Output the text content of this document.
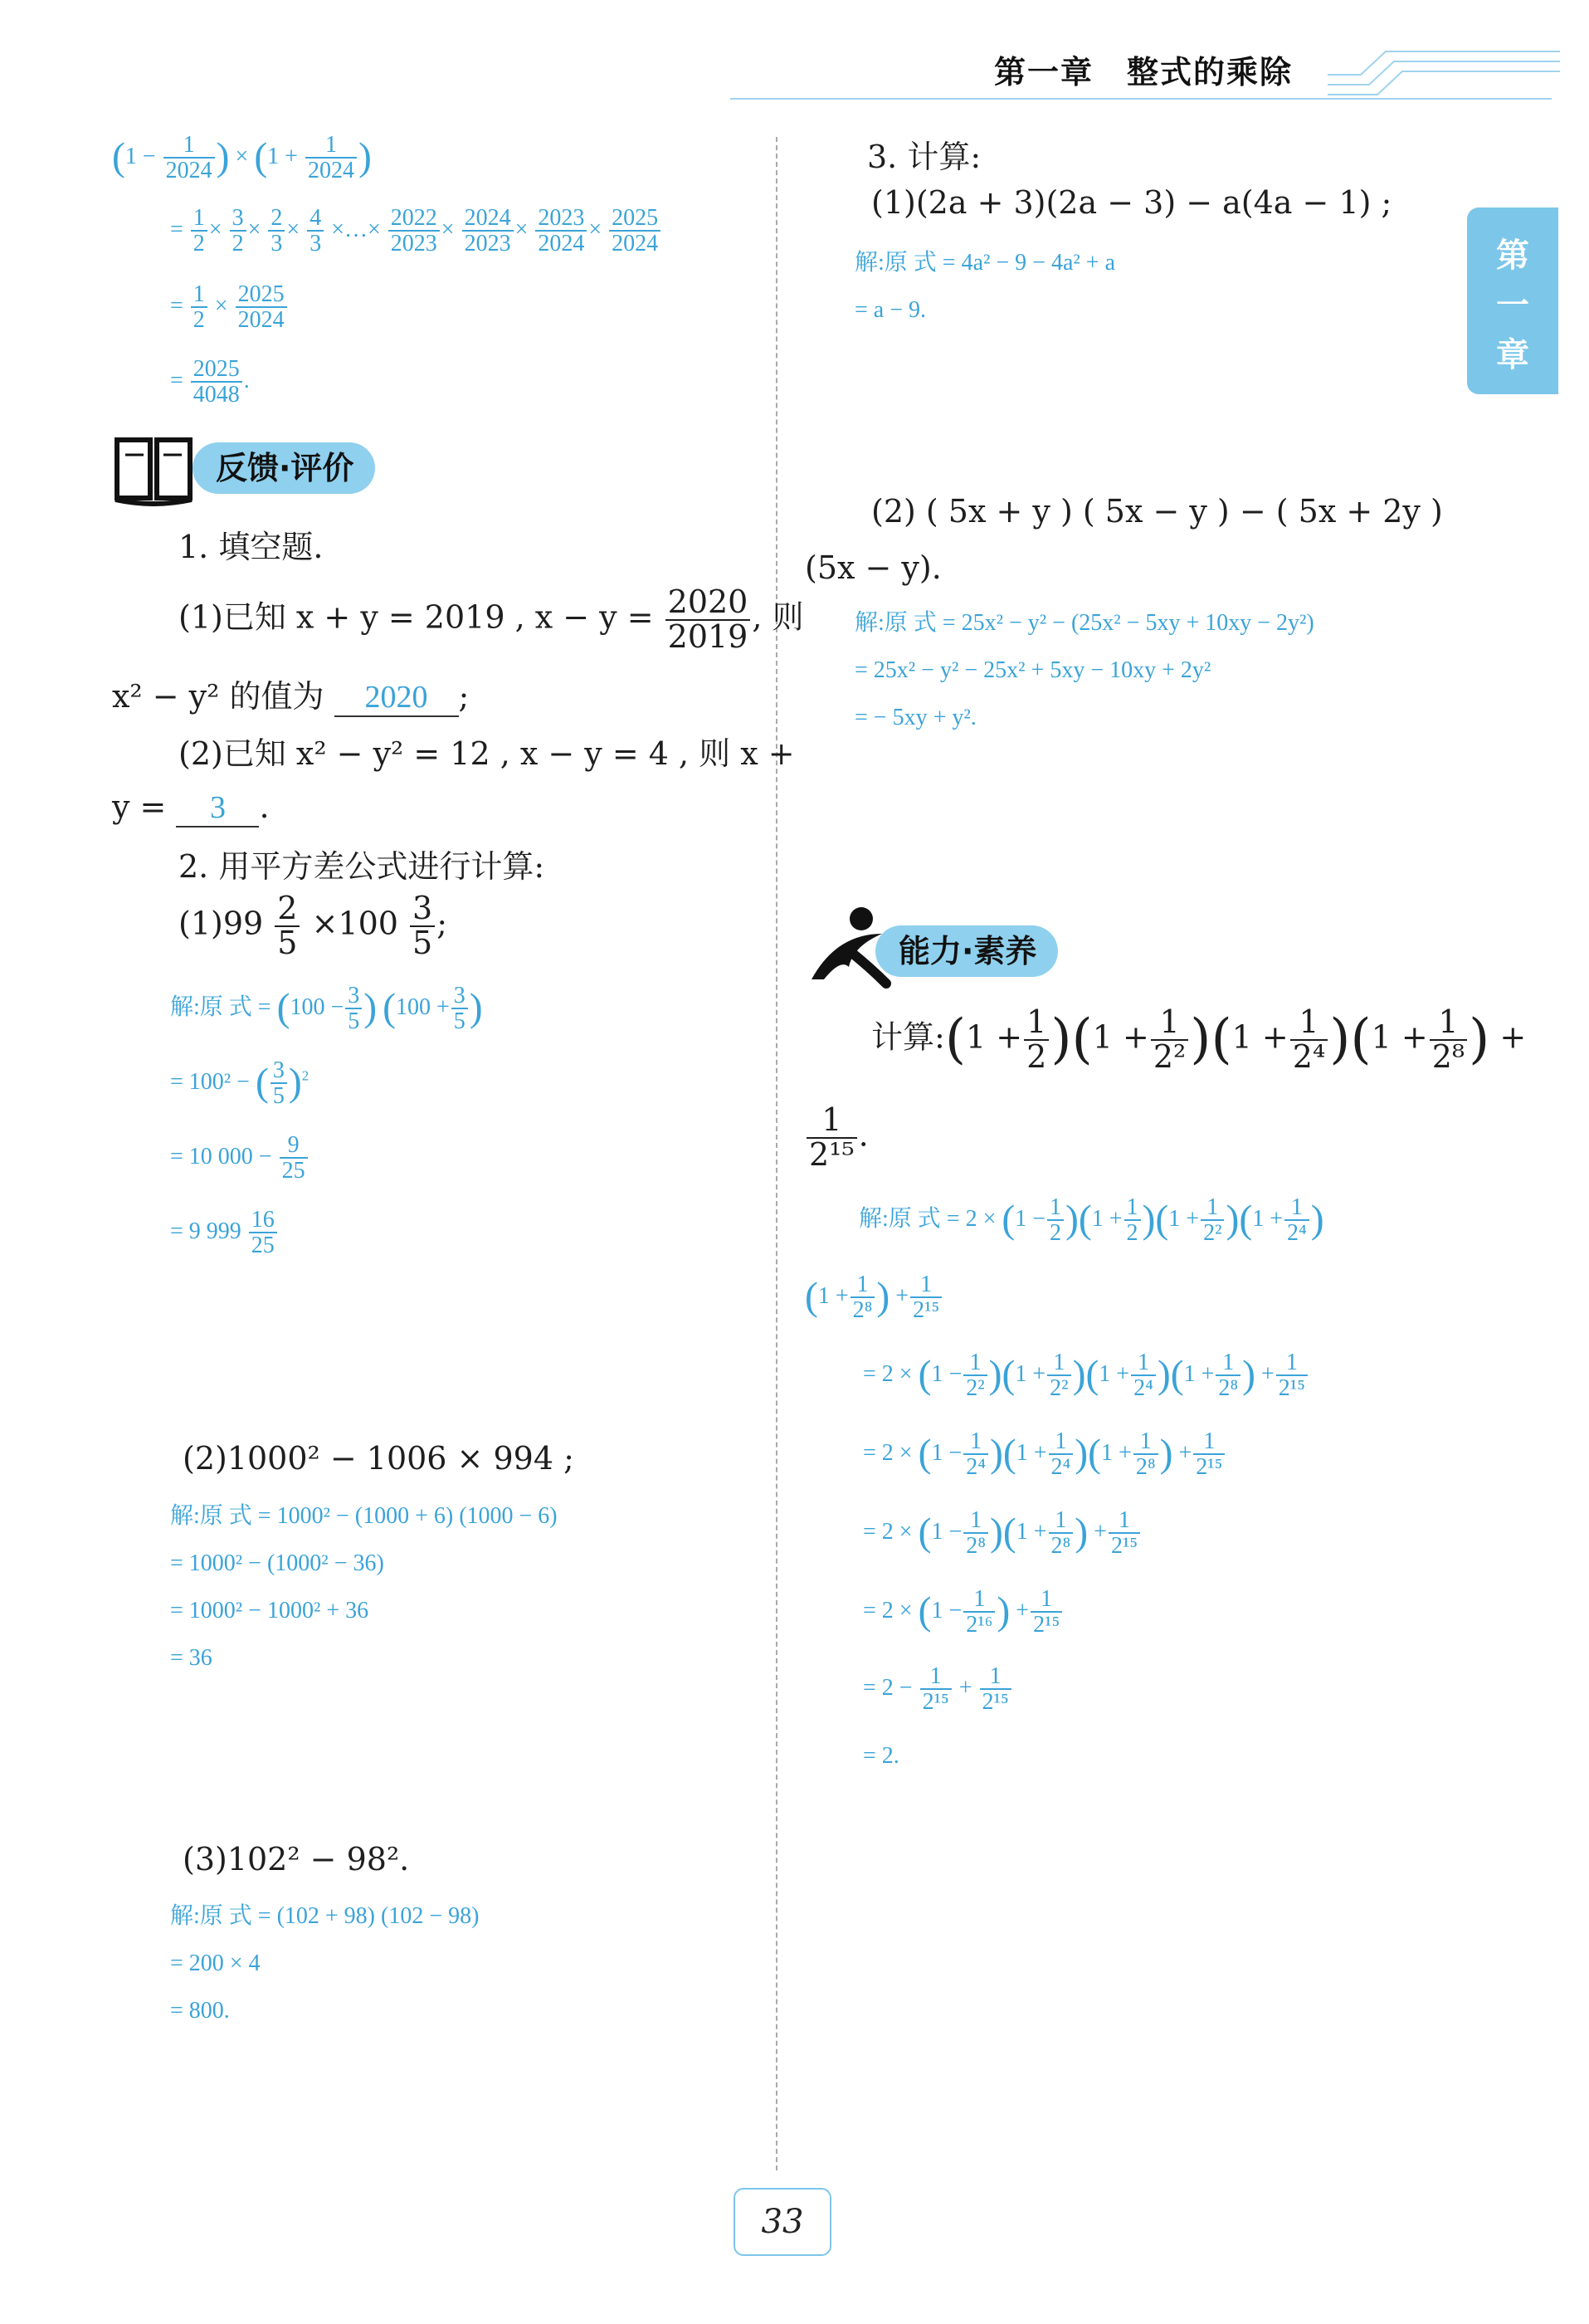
第一章　整式的乘除
第
一
章
($1 - \frac{1}{2024}$ ) × ($1 + \frac{1}{2024}$ )
= $\frac{1}{2} \times \frac{3}{2} \times \frac{2}{3} \times \frac{4}{3}$ ×…× $\frac{2022}{2023} \times \frac{2024}{2023} \times \frac{2023}{2024} \times \frac{2025}{2024}$
= $\frac{1}{2} \times \frac{2025}{2024}$
= $\frac{2025}{4048}$ .
反馈·评价
1. 填空题.
(1)已知 x + y = 2019 , $x - y = \frac{2020}{2019}$ , 则
x² − y² 的值为 2020 ;
(2)已知 x² − y² = 12 , x − y = 4 , 则 x +
y = 3 .
2. 用平方差公式进行计算:
$(1)99 \frac{2}{5} \times 100 \frac{3}{5}$ ;
解:原 式 = ($100 - \frac{3}{5}$ ) ($100 + \frac{3}{5}$ )
= 100² − ( $\frac{3}{5} )^2$
= 10 $000 - \frac{9}{25}$
= 9 $999 \frac{16}{25}$
(2)1000² − 1006 × 994 ;
解:原 式 = 1000² − (1000 + 6) (1000 − 6)
= 1000² − (1000² − 36)
= 1000² − 1000² + 36
= 36
(3)102² − 98².
解:原 式 = (102 + 98) (102 − 98)
= 200 × 4
= 800.
3. 计算:
(1)(2a + 3)(2a − 3) − a(4a − 1) ;
解:原 式 = 4a² − 9 − 4a² + a
= a − 9.
(2) ( 5x + y ) ( 5x − y ) − ( 5x + 2y )
(5x − y).
解:原 式 = 25x² − y² − (25x² − 5xy + 10xy − 2y²)
= 25x² − y² − 25x² + 5xy − 10xy + 2y²
= − 5xy + y².
能力·素养
计算:(1 + $\frac{1}{2} )(1 + \frac{1}{\text{2²}} )(1 + \frac{1}{\text{2⁴}} )(1 + \frac{1}{\text{2⁸}}$ ) +
$\frac{1}{\text{2¹⁵}}$ .
解:原 式 = $2 \times (1 - \frac{1}{2} )(1 + \frac{1}{2} )(1 + \frac{1}{\text{2²}} )(1 + \frac{1}{\text{2⁴}}$ )
($1 + \frac{1}{\text{2⁸}}$ ) + $\frac{1}{\text{2¹⁵}}$
= $2 \times (1 - \frac{1}{\text{2²}} )(1 + \frac{1}{\text{2²}} )(1 + \frac{1}{\text{2⁴}} )(1 + \frac{1}{\text{2⁸}}$ ) + $\frac{1}{\text{2¹⁵}}$
= $2 \times (1 - \frac{1}{\text{2⁴}} )(1 + \frac{1}{\text{2⁴}} )(1 + \frac{1}{\text{2⁸}}$ ) + $\frac{1}{\text{2¹⁵}}$
= $2 \times (1 - \frac{1}{\text{2⁸}} )(1 + \frac{1}{\text{2⁸}}$ ) + $\frac{1}{\text{2¹⁵}}$
= $2 \times (1 - \frac{1}{\text{2¹⁶}}$ ) + $\frac{1}{\text{2¹⁵}}$
= $2 - \frac{1}{\text{2¹⁵}} + \frac{1}{\text{2¹⁵}}$
= 2.
33
